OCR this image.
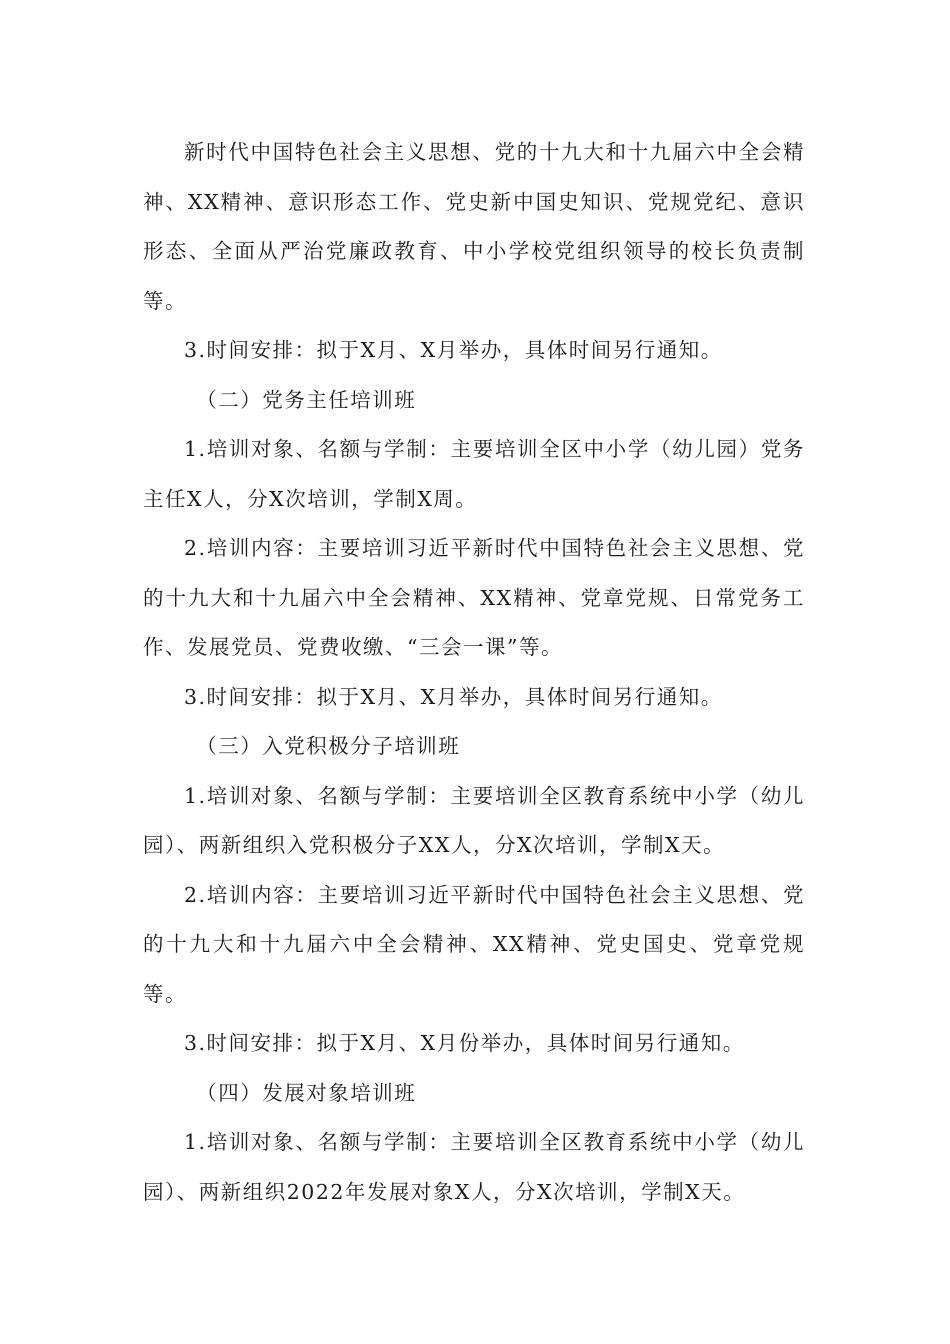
新时代中国特色社会主义思想、党的十九大和十九届六中全会精神、XX精神、意识形态工作、党史新中国史知识、党规党纪、意识形态、全面从严治党廉政教育、中小学校党组织领导的校长负责制等。

3.时间安排：拟于X月、X月举办，具体时间另行通知。

（二）党务主任培训班

1.培训对象、名额与学制：主要培训全区中小学（幼儿园）党务主任X人，分X次培训，学制X周。

2.培训内容：主要培训习近平新时代中国特色社会主义思想、党的十九大和十九届六中全会精神、XX精神、党章党规、日常党务工作、发展党员、党费收缴、“三会一课”等。

3.时间安排：拟于X月、X月举办，具体时间另行通知。

（三）入党积极分子培训班

1.培训对象、名额与学制：主要培训全区教育系统中小学（幼儿园）、两新组织入党积极分子XX人，分X次培训，学制X天。

2.培训内容：主要培训习近平新时代中国特色社会主义思想、党的十九大和十九届六中全会精神、XX精神、党史国史、党章党规等。

3.时间安排：拟于X月、X月份举办，具体时间另行通知。

（四）发展对象培训班

1.培训对象、名额与学制：主要培训全区教育系统中小学（幼儿园）、两新组织2022年发展对象X人，分X次培训，学制X天。
